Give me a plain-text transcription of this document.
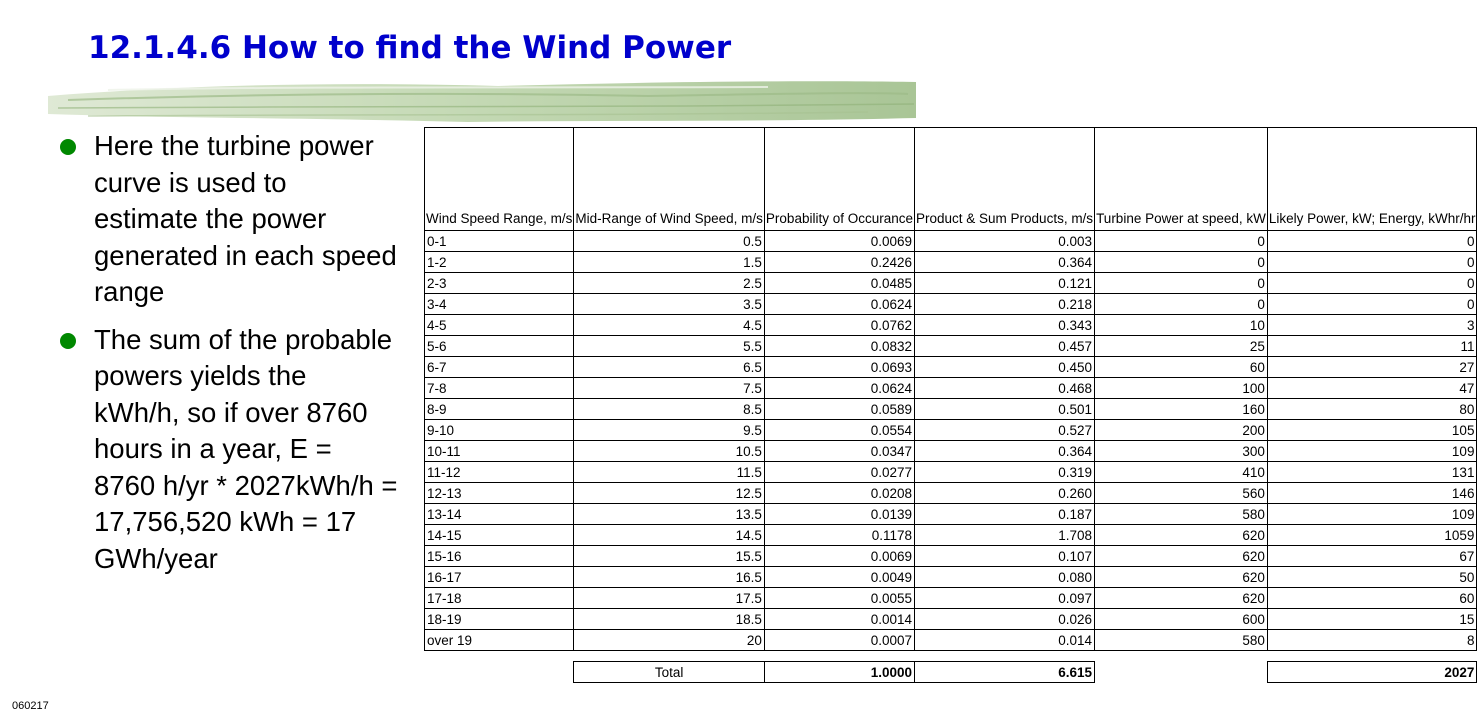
12.1.4.6 How to find the Wind Power
Here the turbine power curve is used to estimate the power generated in each speed range
The sum of the probable powers yields the kWh/h, so if over 8760 hours in a year, E = 8760 h/yr * 2027kWh/h = 17,756,520 kWh = 17 GWh/year
Wind Speed Range, m/s	Mid-Range of Wind Speed, m/s	Probability of Occurance	Product & Sum Products, m/s	Turbine Power at speed, kW	Likely Power, kW; Energy, kWhr/hr
0-1	0.5	0.0069	0.003	0	0
1-2	1.5	0.2426	0.364	0	0
2-3	2.5	0.0485	0.121	0	0
3-4	3.5	0.0624	0.218	0	0
4-5	4.5	0.0762	0.343	10	3
5-6	5.5	0.0832	0.457	25	11
6-7	6.5	0.0693	0.450	60	27
7-8	7.5	0.0624	0.468	100	47
8-9	8.5	0.0589	0.501	160	80
9-10	9.5	0.0554	0.527	200	105
10-11	10.5	0.0347	0.364	300	109
11-12	11.5	0.0277	0.319	410	131
12-13	12.5	0.0208	0.260	560	146
13-14	13.5	0.0139	0.187	580	109
14-15	14.5	0.1178	1.708	620	1059
15-16	15.5	0.0069	0.107	620	67
16-17	16.5	0.0049	0.080	620	50
17-18	17.5	0.0055	0.097	620	60
18-19	18.5	0.0014	0.026	600	15
over 19	20	0.0007	0.014	580	8

	Total	1.0000	6.615		2027
060217
